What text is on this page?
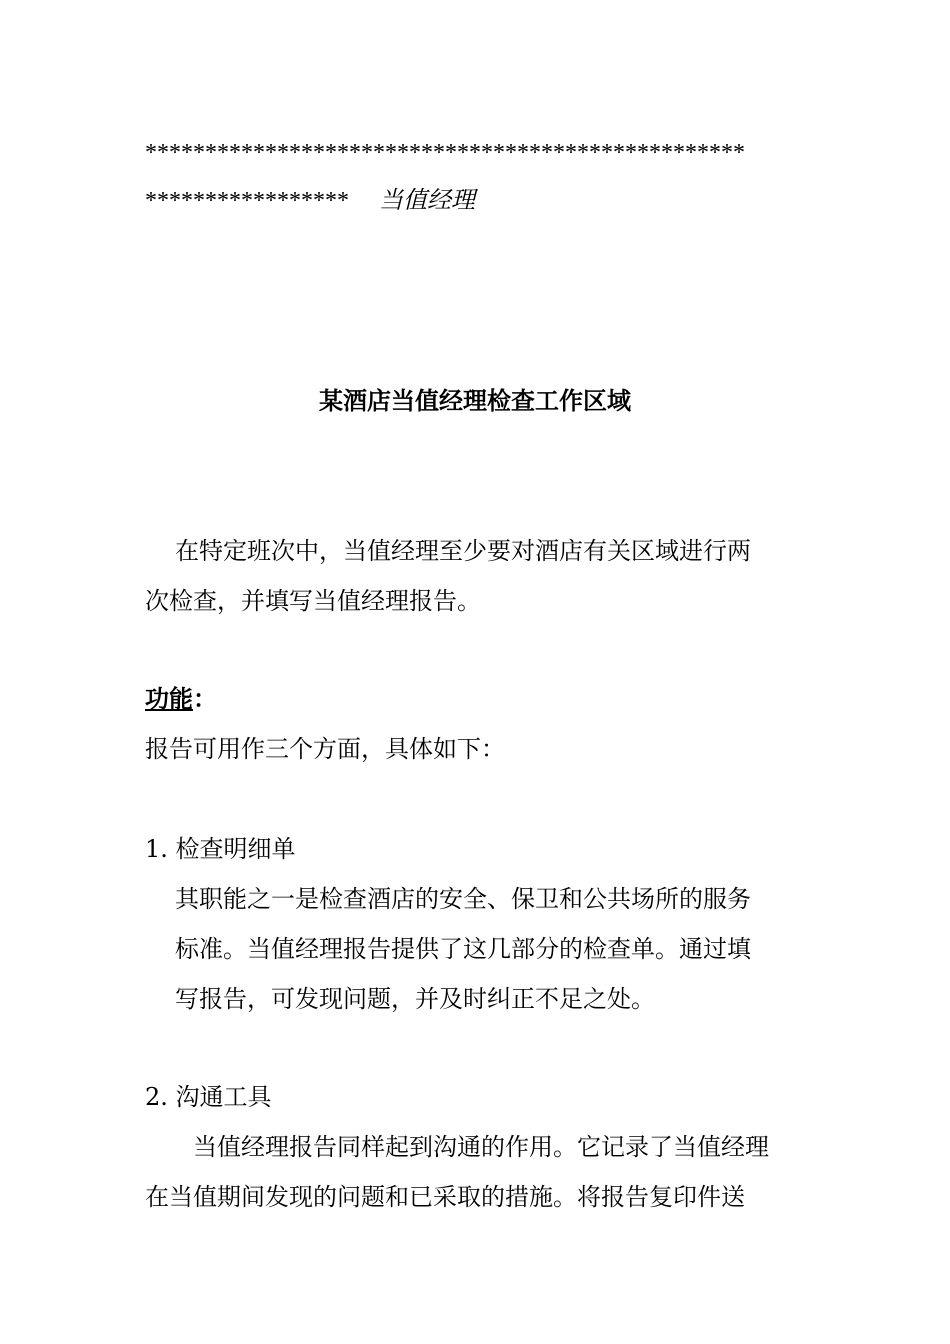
**************************************************
***************** 当值经理
某酒店当值经理检查工作区域
在特定班次中，当值经理至少要对酒店有关区域进行两
次检查，并填写当值经理报告。
功能：
报告可用作三个方面，具体如下：
1. 检查明细单
其职能之一是检查酒店的安全、保卫和公共场所的服务
标准。当值经理报告提供了这几部分的检查单。通过填
写报告，可发现问题，并及时纠正不足之处。
2. 沟通工具
当值经理报告同样起到沟通的作用。它记录了当值经理
在当值期间发现的问题和已采取的措施。将报告复印件送
